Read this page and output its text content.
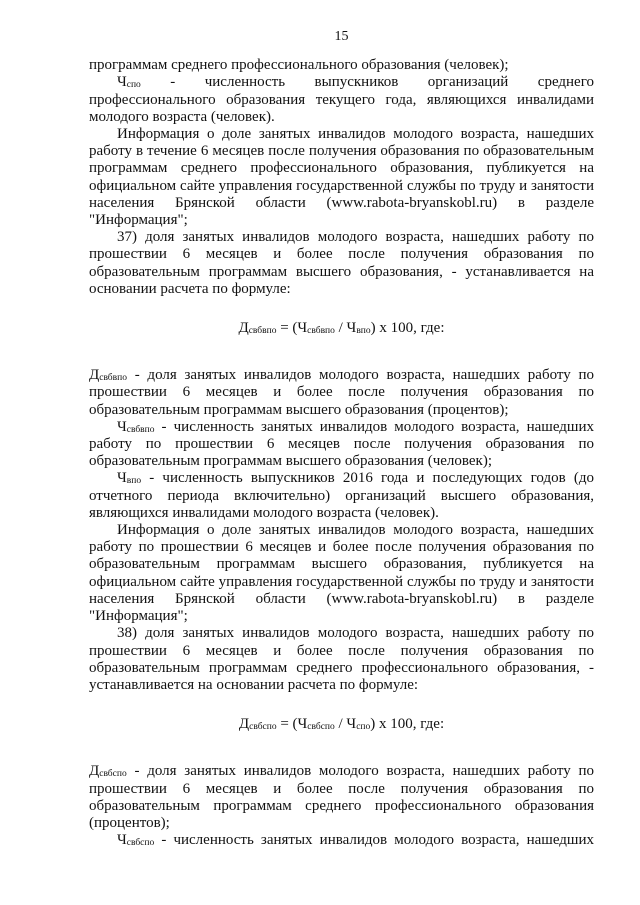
15

программам среднего профессионального образования (человек);

$Ч_{спо}$ - численность выпускников организаций среднего профессионального образования текущего года, являющихся инвалидами молодого возраста (человек).

Информация о доле занятых инвалидов молодого возраста, нашедших работу в течение 6 месяцев после получения образования по образовательным программам среднего профессионального образования, публикуется на официальном сайте управления государственной службы по труду и занятости населения Брянской области (www.rabota-bryanskobl.ru) в разделе "Информация";

37) доля занятых инвалидов молодого возраста, нашедших работу по прошествии 6 месяцев и более после получения образования по образовательным программам высшего образования, - устанавливается на основании расчета по формуле:

$Д_{свбвпо} = (Ч_{свбвпо} / Ч_{впо})$ х 100, где:

$Д_{свбвпо}$ - доля занятых инвалидов молодого возраста, нашедших работу по прошествии 6 месяцев и более после получения образования по образовательным программам высшего образования (процентов);

$Ч_{свбвпо}$ - численность занятых инвалидов молодого возраста, нашедших работу по прошествии 6 месяцев после получения образования по образовательным программам высшего образования (человек);

$Ч_{впо}$ - численность выпускников 2016 года и последующих годов (до отчетного периода включительно) организаций высшего образования, являющихся инвалидами молодого возраста (человек).

Информация о доле занятых инвалидов молодого возраста, нашедших работу по прошествии 6 месяцев и более после получения образования по образовательным программам высшего образования, публикуется на официальном сайте управления государственной службы по труду и занятости населения Брянской области (www.rabota-bryanskobl.ru) в разделе "Информация";

38) доля занятых инвалидов молодого возраста, нашедших работу по прошествии 6 месяцев и более после получения образования по образовательным программам среднего профессионального образования, - устанавливается на основании расчета по формуле:

$Д_{свбспо} = (Ч_{свбспо} / Ч_{спо})$ х 100, где:

$Д_{свбспо}$ - доля занятых инвалидов молодого возраста, нашедших работу по прошествии 6 месяцев и более после получения образования по образовательным программам среднего профессионального образования (процентов);

$Ч_{свбспо}$ - численность занятых инвалидов молодого возраста, нашедших
